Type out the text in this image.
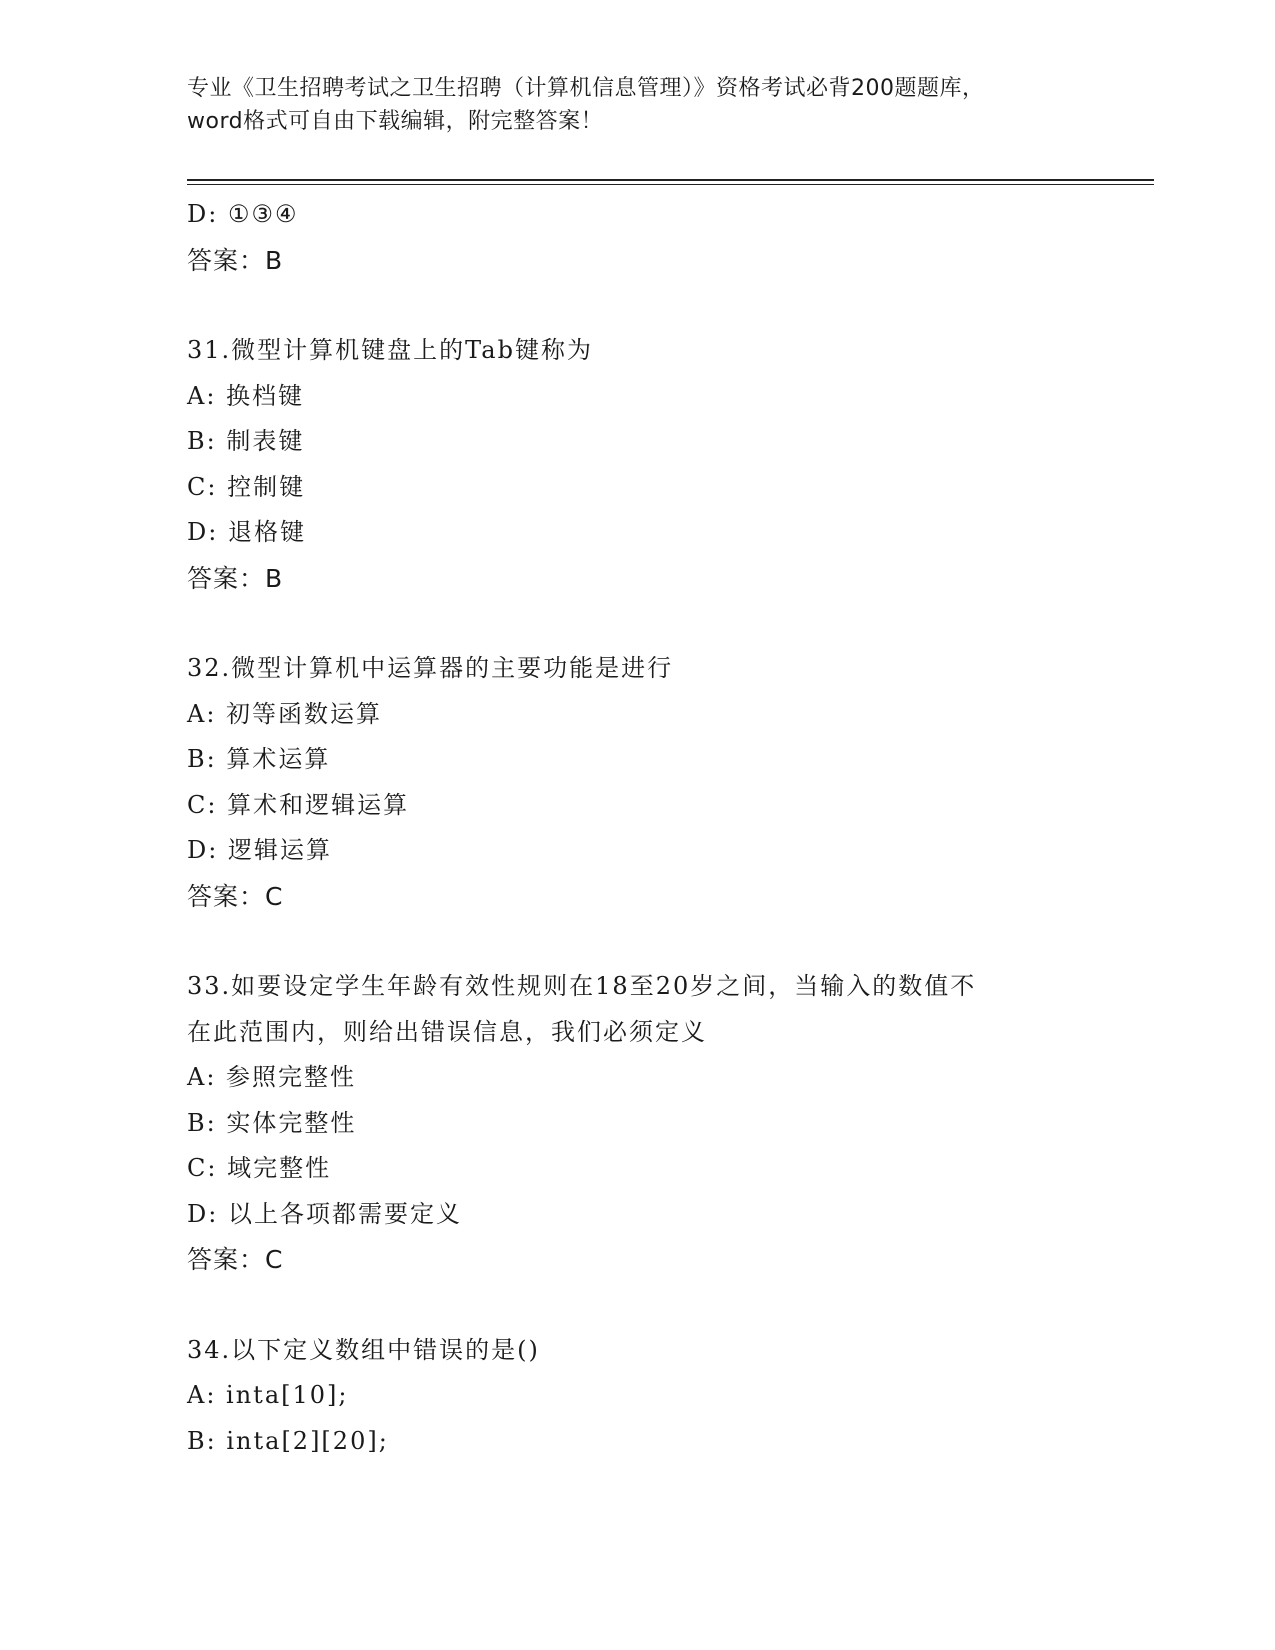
专业《卫生招聘考试之卫生招聘（计算机信息管理）》资格考试必背200题题库，
word格式可自由下载编辑，附完整答案！
D: ①③④
答案：B
31.微型计算机键盘上的Tab键称为
A: 换档键
B: 制表键
C: 控制键
D: 退格键
答案：B
32.微型计算机中运算器的主要功能是进行
A: 初等函数运算
B: 算术运算
C: 算术和逻辑运算
D: 逻辑运算
答案：C
33.如要设定学生年龄有效性规则在18至20岁之间，当输入的数值不
在此范围内，则给出错误信息，我们必须定义
A: 参照完整性
B: 实体完整性
C: 域完整性
D: 以上各项都需要定义
答案：C
34.以下定义数组中错误的是()
A: inta[10];
B: inta[2][20];
